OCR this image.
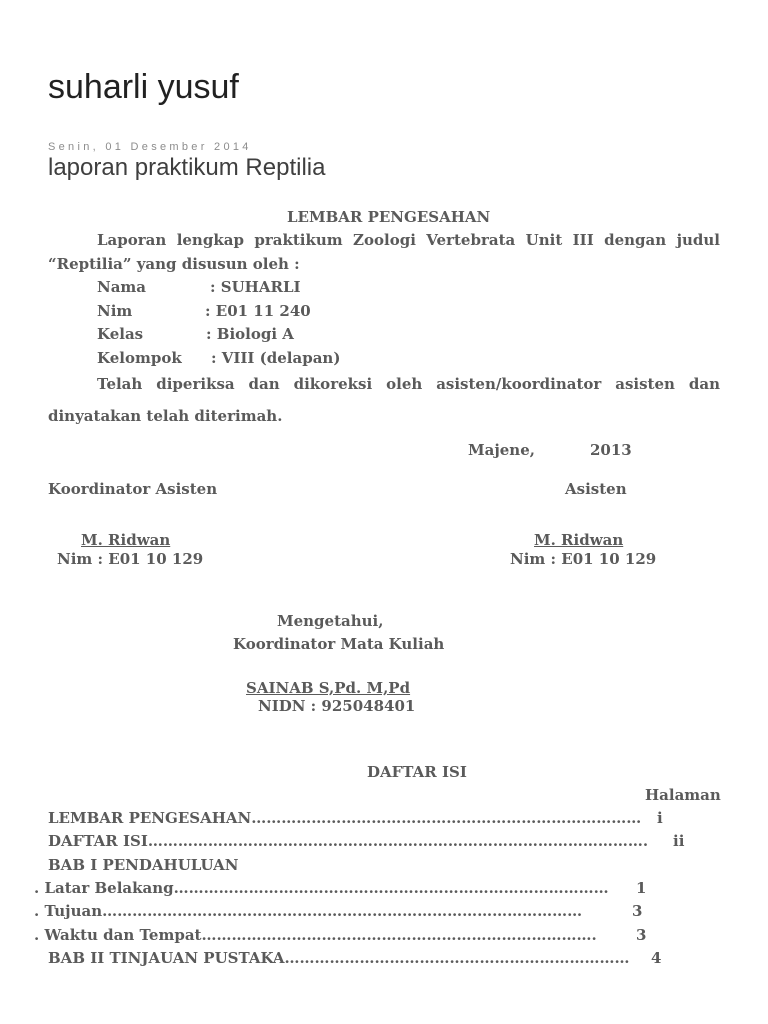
suharli yusuf
Senin, 01 Desember 2014
laporan praktikum Reptilia
LEMBAR PENGESAHAN
Laporan lengkap praktikum Zoologi Vertebrata Unit III dengan judul
“Reptilia” yang disusun oleh :
Nama	: SUHARLI
Nim	: E01 11 240
Kelas	: Biologi A
Kelompok : VIII (delapan)
Telah diperiksa dan dikoreksi oleh asisten/koordinator asisten dan
dinyatakan telah diterimah.
Majene,	2013
Koordinator Asisten	Asisten
M. Ridwan
Nim : E01 10 129
M. Ridwan
Nim : E01 10 129
Mengetahui,
Koordinator Mata Kuliah
SAINAB S,Pd. M,Pd
NIDN : 925048401
DAFTAR ISI
Halaman
LEMBAR PENGESAHAN…………………………………………………………………… i
DAFTAR ISI………………………………………………………………………………………. ii
BAB I PENDAHULUAN
. Latar Belakang…………………………………………………………………………… 1
. Tujuan……………………………………………………………………………………	3
. Waktu dan Tempat…………………………………………………………………….	3
BAB II TINJAUAN PUSTAKA…………………………………………………………… 4
